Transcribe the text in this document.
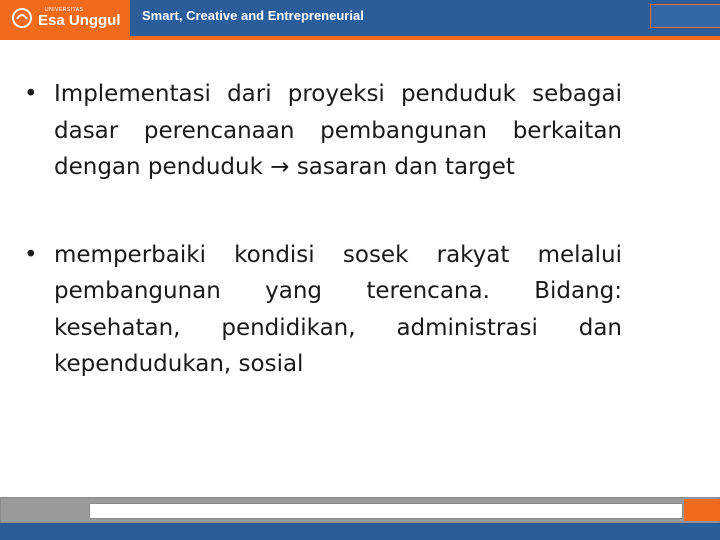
UNIVERSITAS
Esa Unggul Smart, Creative and Entrepreneurial
• Implementasi dari proyeksi penduduk sebagai dasar perencanaan pembangunan berkaitan dengan penduduk → sasaran dan target
• memperbaiki kondisi sosek rakyat melalui pembangunan yang terencana. Bidang: kesehatan, pendidikan, administrasi dan kependudukan, sosial
